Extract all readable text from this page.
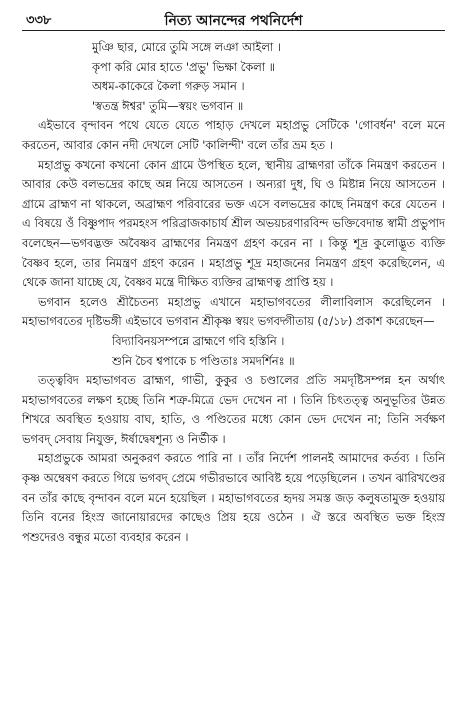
৩৩৮	নিত্য আনন্দের পথনির্দেশ

মুঞি ছার, মোরে তুমি সঙ্গে লঞা আইলা ।

কৃপা করি মোর হাতে 'প্রভু' ভিক্ষা কৈলা ॥

অধম-কাকেরে কৈলা গরুড় সমান ।

'স্বতন্ত্র ঈশ্বর' তুমি—স্বয়ং ভগবান ॥

এইভাবে বৃন্দাবন পথে যেতে যেতে পাহাড় দেখলে মহাপ্রভু সেটিকে 'গোবর্ধন' বলে মনে করতেন, আবার কোন নদী দেখলে সেটি 'কালিন্দী' বলে তাঁর ভ্রম হত ।

মহাপ্রভু কখনো কখনো কোন গ্রামে উপস্থিত হলে, স্থানীয় ব্রাহ্মণরা তাঁকে নিমন্ত্রণ করতেন । আবার কেউ বলভদ্রের কাছে অন্ন নিয়ে আসতেন । অন্যরা দুধ, ঘি ও মিষ্টান্ন নিয়ে আসতেন । গ্রামে ব্রাহ্মণ না থাকলে, অব্রাহ্মণ পরিবারের ভক্ত এসে বলভদ্রের কাছে নিমন্ত্রণ করে যেতেন । এ বিষয়ে ওঁ বিষ্ণুপাদ পরমহংস পরিব্রাজকাচার্য শ্রীল অভয়চরণারবিন্দ ভক্তিবেদান্ত স্বামী প্রভুপাদ বলেছেন—ভগবদ্ভক্ত অবৈষ্ণব ব্রাহ্মণের নিমন্ত্রণ গ্রহণ করেন না । কিন্তু শূদ্র কুলোদ্ভূত ব্যক্তি বৈষ্ণব হলে, তার নিমন্ত্রণ গ্রহণ করেন । মহাপ্রভু শূদ্র মহাজনের নিমন্ত্রণ গ্রহণ করেছিলেন, এ থেকে জানা যাচ্ছে যে, বৈষ্ণব মন্ত্রে দীক্ষিত ব্যক্তির ব্রাহ্মণত্ব প্রাপ্তি হয় ।

ভগবান হলেও শ্রীচৈতন্য মহাপ্রভু এখানে মহাভাগবতের লীলাবিলাস করেছিলেন । মহাভাগবতের দৃষ্টিভঙ্গী এইভাবে ভগবান শ্রীকৃষ্ণ স্বয়ং ভগবদ্গীতায় (৫/১৮) প্রকাশ করেছেন—

বিদ্যাবিনয়সম্পন্নে ব্রাহ্মণে গবি হস্তিনি ।

শুনি চৈব শ্বপাকে চ পণ্ডিতাঃ সমদর্শিনঃ ॥

তত্ত্ববিদ মহাভাগবত ব্রাহ্মণ, গাভী, কুকুর ও চণ্ডালের প্রতি সমদৃষ্টিসম্পন্ন হন অর্থাৎ মহাভাগবতের লক্ষণ হচ্ছে তিনি শত্রু-মিত্রে ভেদ দেখেন না । তিনি চিৎতত্ত্ব অনুভূতির উন্নত শিখরে অবস্থিত হওয়ায় বাঘ, হাতি, ও পণ্ডিতের মধ্যে কোন ভেদ দেখেন না; তিনি সর্বক্ষণ ভগবদ্ সেবায় নিযুক্ত, ঈর্ষাদ্বেষশূন্য ও নির্ভীক ।

মহাপ্রভুকে আমরা অনুকরণ করতে পারি না । তাঁর নির্দেশ পালনই আমাদের কর্তব্য । তিনি কৃষ্ণ অম্বেষণ করতে গিয়ে ভগবদ্ প্রেমে গভীরভাবে আবিষ্ট হয়ে পড়েছিলেন । তখন ঝারিখণ্ডের বন তাঁর কাছে বৃন্দাবন বলে মনে হয়েছিল । মহাভাগবতের হৃদয় সমস্ত জড় কলুষতামুক্ত হওয়ায় তিনি বনের হিংস্র জানোয়ারদের কাছেও প্রিয় হয়ে ওঠেন । ঐ স্তরে অবস্থিত ভক্ত হিংস্র পশুদেরও বন্ধুর মতো ব্যবহার করেন ।
